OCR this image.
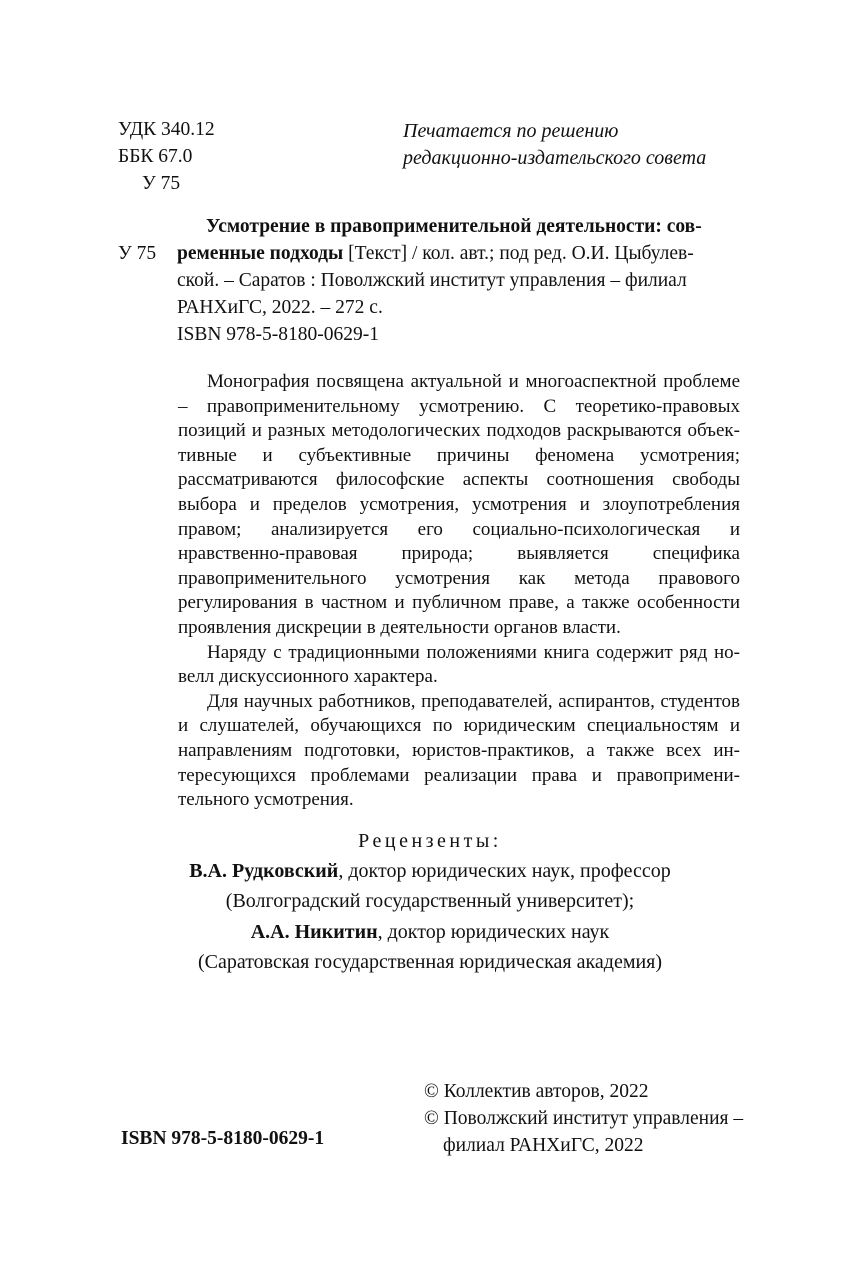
УДК 340.12
ББК 67.0
У 75
Печатается по решению
редакционно-издательского совета
Усмотрение в правоприменительной деятельности: сов-
У 75 ременные подходы [Текст] / кол. авт.; под ред. О.И. Цыбулев-
ской. – Саратов : Поволжский институт управления – филиал
РАНХиГС, 2022. – 272 с.
ISBN 978-5-8180-0629-1

Монография посвящена актуальной и многоаспектной проблеме – правоприменительному усмотрению. С теоретико-правовых позиций и разных методологических подходов раскрываются объективные и субъективные причины феномена усмотрения; рассматриваются философские аспекты соотношения свободы выбора и пределов усмотрения, усмотрения и злоупотребления правом; анализируется его социально-психологическая и нравственно-правовая природа; выявляется специфика правоприменительного усмотрения как метода правового регулирования в частном и публичном праве, а также особенности проявления дискреции в деятельности органов власти.

Наряду с традиционными положениями книга содержит ряд новелл дискуссионного характера.

Для научных работников, преподавателей, аспирантов, студентов и слушателей, обучающихся по юридическим специальностям и направлениям подготовки, юристов-практиков, а также всех интересующихся проблемами реализации права и правоприменительного усмотрения.

Рецензенты:
В.А. Рудковский, доктор юридических наук, профессор
(Волгоградский государственный университет);
А.А. Никитин, доктор юридических наук
(Саратовская государственная юридическая академия)
© Коллектив авторов, 2022
© Поволжский институт управления –
филиал РАНХиГС, 2022
ISBN 978-5-8180-0629-1
